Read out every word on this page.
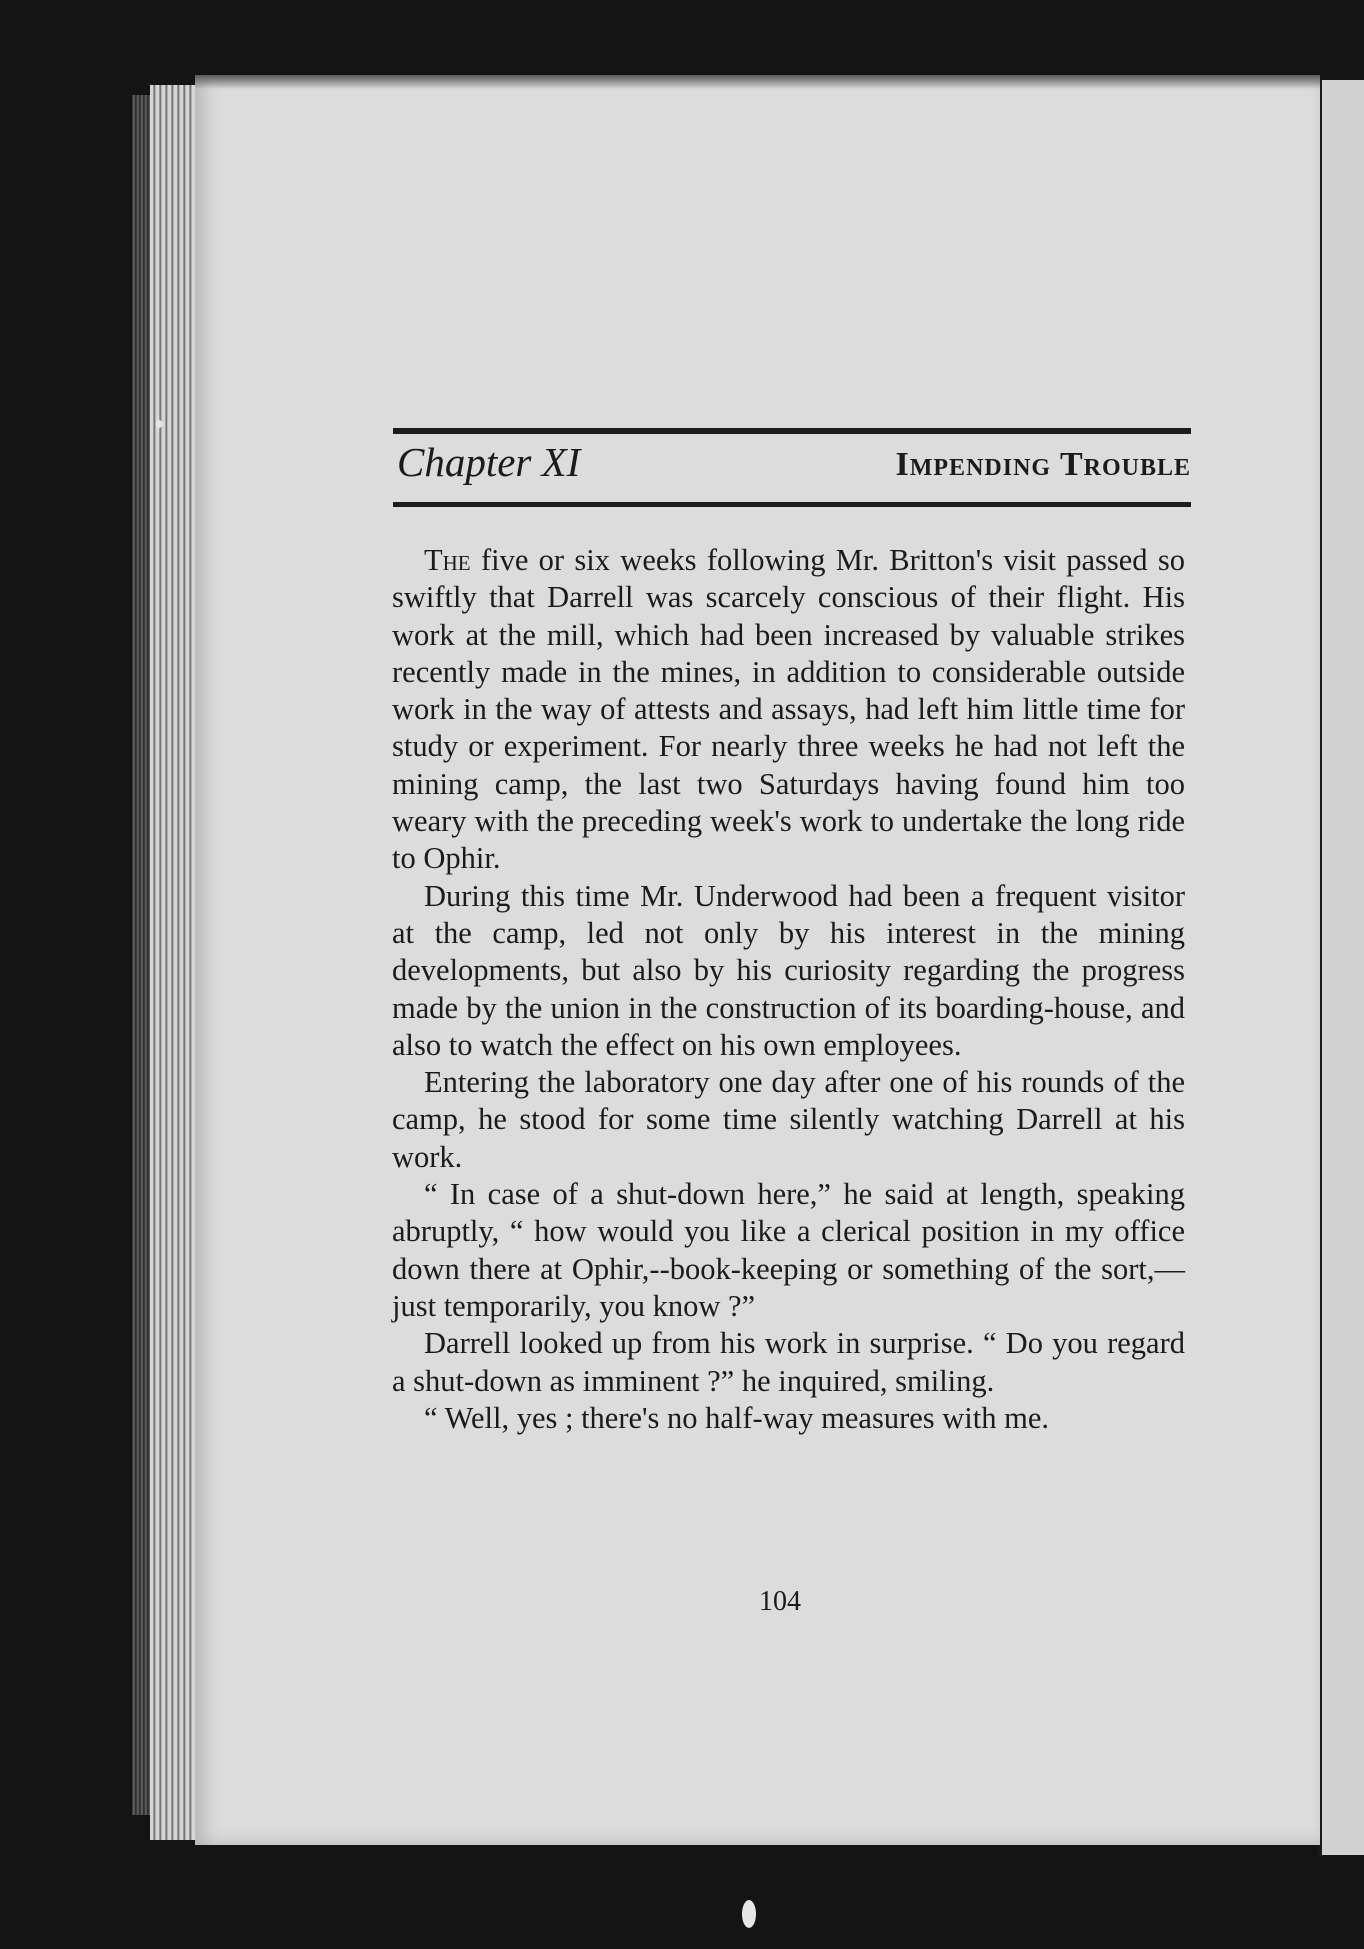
Chapter XI	Impending Trouble

The five or six weeks following Mr. Britton's visit passed so swiftly that Darrell was scarcely conscious of their flight. His work at the mill, which had been increased by valuable strikes recently made in the mines, in addition to considerable outside work in the way of attests and assays, had left him little time for study or experiment. For nearly three weeks he had not left the mining camp, the last two Saturdays having found him too weary with the preceding week's work to undertake the long ride to Ophir.

During this time Mr. Underwood had been a frequent visitor at the camp, led not only by his interest in the mining developments, but also by his curiosity regarding the progress made by the union in the construction of its boarding-house, and also to watch the effect on his own employees.

Entering the laboratory one day after one of his rounds of the camp, he stood for some time silently watching Darrell at his work.

“ In case of a shut-down here,” he said at length, speaking abruptly, “ how would you like a clerical position in my office down there at Ophir,--book-keeping or something of the sort,—just temporarily, you know ?”

Darrell looked up from his work in surprise. “ Do you regard a shut-down as imminent ?” he inquired, smiling.

“ Well, yes ; there's no half-way measures with me.

104
